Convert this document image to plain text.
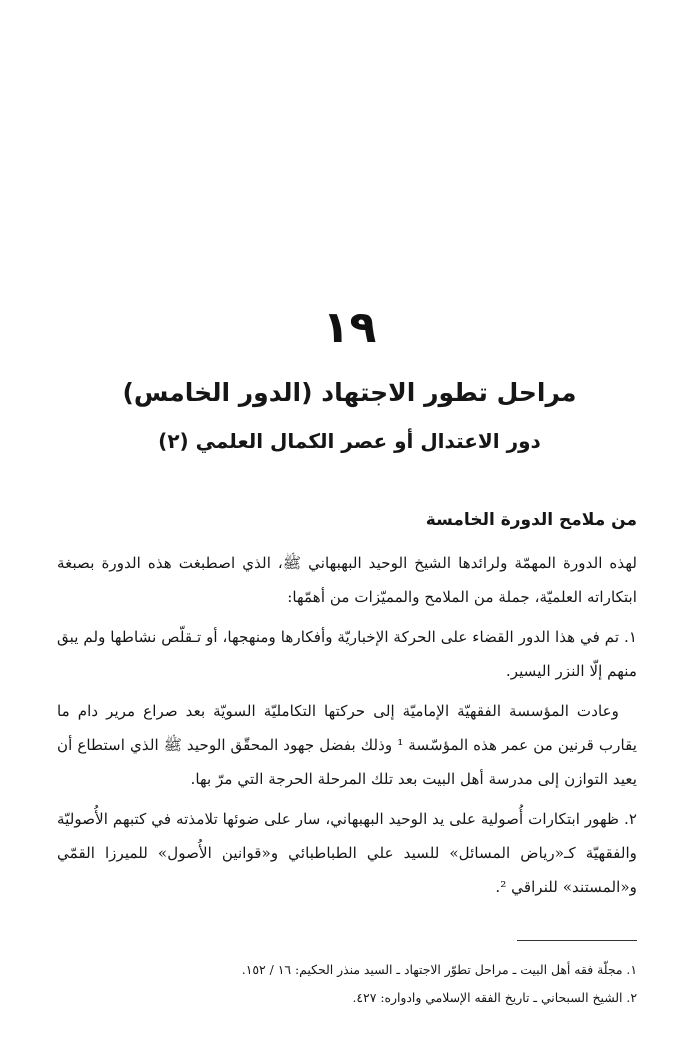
١٩
مراحل تطور الاجتهاد (الدور الخامس)
دور الاعتدال أو عصر الكمال العلمي (٢)
من ملامح الدورة الخامسة

لهذه الدورة المهمّة ولرائدها الشيخ الوحيد البهبهاني ﷺ، الذي اصطبغت هذه الدورة بصبغة ابتكاراته العلميّة، جملة من الملامح والمميّزات من أهمّها:

١. تم في هذا الدور القضاء على الحركة الإخباريّة وأفكارها ومنهجها، أو تـقلّص نشاطها ولم يبق منهم إلّا النزر اليسير.

وعادت المؤسسة الفقهيّة الإماميّة إلى حركتها التكامليّة السويّة بعد صراع مرير دام ما يقارب قرنين من عمر هذه المؤسّسة ¹ وذلك بفضل جهود المحقّق الوحيد ﷺ الذي استطاع أن يعيد التوازن إلى مدرسة أهل البيت بعد تلك المرحلة الحرجة التي مرّ بها.

٢. ظهور ابتكارات أُصولية على يد الوحيد البهبهاني، سار على ضوئها تلامذته في كتبهم الأُصوليّة والفقهيّة كـ«رياض المسائل» للسيد علي الطباطبائي و«قوانين الأُصول» للميرزا القمّي و«المستند» للنراقي ².

١. مجلّة فقه أهل البيت ـ مراحل تطوّر الاجتهاد ـ السيد منذر الحكيم: ١٦ / ١٥٢.
٢. الشيخ السبحاني ـ تاريخ الفقه الإسلامي وادواره: ٤٢٧.
